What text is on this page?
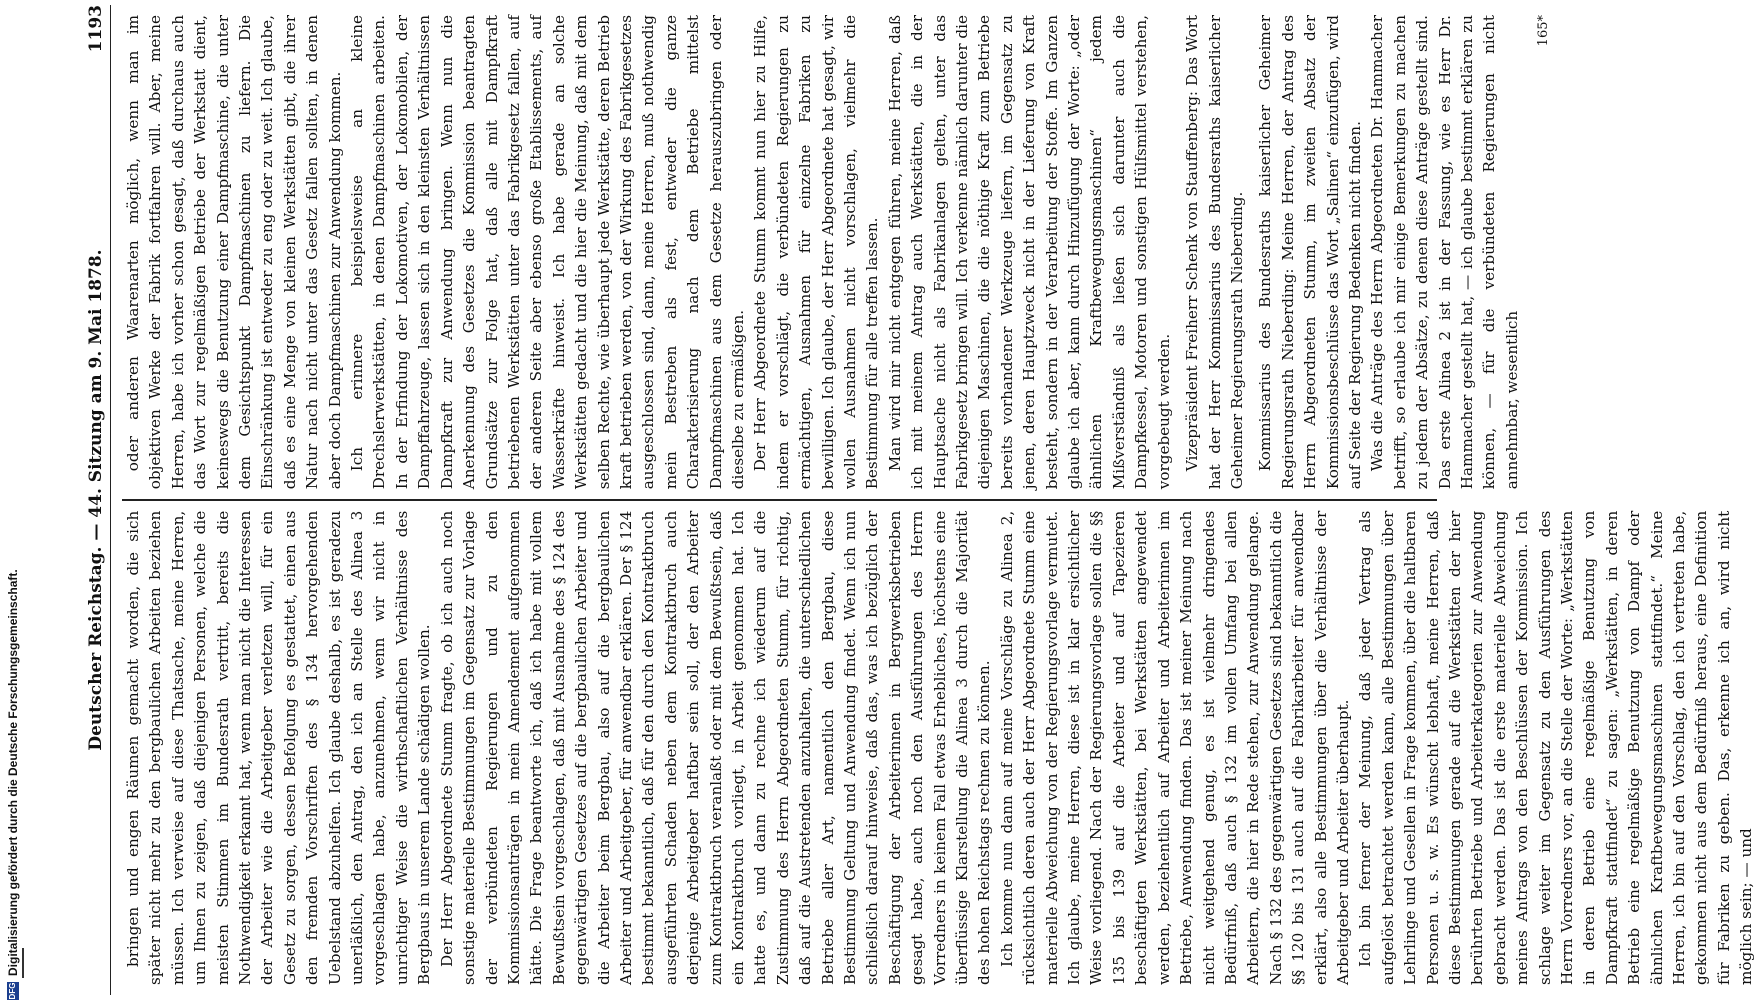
Deutscher Reichstag. — 44. Sitzung am 9. Mai 1878.
1193

bringen und engen Räumen gemacht worden, die sich später nicht mehr zu den bergbaulichen Arbeiten beziehen müssen. Ich verweise auf diese Thatsache, meine Herren, um Ihnen zu zeigen, daß diejenigen Personen, welche die meisten Stimmen im Bundesrath vertritt, bereits die Nothwendigkeit erkannt hat, wenn man nicht die Interessen der Arbeiter wie die Arbeitgeber verletzen will, für ein Gesetz zu sorgen, dessen Befolgung es gestattet, einen aus den fremden Vorschriften des § 134 hervorgehenden Uebelstand abzuhelfen. Ich glaube deshalb, es ist geradezu unerläßlich, den Antrag, den ich an Stelle des Alinea 3 vorgeschlagen habe, anzunehmen, wenn wir nicht in unrichtiger Weise die wirthschaftlichen Verhältnisse des Bergbaus in unserem Lande schädigen wollen. Der Herr Abgeordnete Stumm fragte, ob ich auch noch sonstige materielle Bestimmungen im Gegensatz zur Vorlage der verbündeten Regierungen und zu den Kommissionsanträgen in mein Amendement aufgenommen hätte. Die Frage beantworte ich, daß ich habe mit vollem Bewußtsein vorgeschlagen, daß mit Ausnahme des § 124 des gegenwärtigen Gesetzes auf die bergbaulichen Arbeiter und die Arbeiter beim Bergbau, also auf die bergbaulichen Arbeiter und Arbeitgeber, für anwendbar erklären. Der § 124 bestimmt bekanntlich, daß für den durch den Kontraktbruch ausgeführten Schaden neben dem Kontraktbruch auch derjenige Arbeitgeber haftbar sein soll, der den Arbeiter zum Kontraktbruch veranlaßt oder mit dem Bewußtsein, daß ein Kontraktbruch vorliegt, in Arbeit genommen hat. Ich hatte es, und dann zu rechne ich wiederum auf die Zustimmung des Herrn Abgeordneten Stumm, für richtig, daß auf die Austretenden anzuhalten, die unterschiedlichen Betriebe aller Art, namentlich den Bergbau, diese Bestimmung Geltung und Anwendung findet. Wenn ich nun schließlich darauf hinweise, daß das, was ich bezüglich der Beschäftigung der Arbeiterinnen in Bergwerksbetrieben gesagt habe, auch noch den Ausführungen des Herrn Vorredners in keinem Fall etwas Erhebliches, höchstens eine überflüssige Klarstellung die Alinea 3 durch die Majorität des hohen Reichstags rechnen zu können. Ich komme nun dann auf meine Vorschläge zu Alinea 2, rücksichtlich deren auch der Herr Abgeordnete Stumm eine materielle Abweichung von der Regierungsvorlage vermutet. Ich glaube, meine Herren, diese ist in klar ersichtlicher Weise vorliegend. Nach der Regierungsvorlage sollen die §§ 135 bis 139 auf die Arbeiter und auf Tapezieren beschäftigten Werkstätten, bei Werkstätten angewendet werden, beziehentlich auf Arbeiter und Arbeiterinnen im Betriebe, Anwendung finden. Das ist meiner Meinung nach nicht weitgehend genug, es ist vielmehr dringendes Bedürfniß, daß auch § 132 im vollen Umfang bei allen Arbeitern, die hier in Rede stehen, zur Anwendung gelange. Nach § 132 des gegenwärtigen Gesetzes sind bekanntlich die §§ 120 bis 131 auch auf die Fabrikarbeiter für anwendbar erklärt, also alle Bestimmungen über die Verhältnisse der Arbeitgeber und Arbeiter überhaupt. Ich bin ferner der Meinung, daß jeder Vertrag als aufgelöst betrachtet werden kann, alle Bestimmungen über Lehrlinge und Gesellen in Frage kommen, über die haltbaren Personen u. s. w. Es wünscht lebhaft, meine Herren, daß diese Bestimmungen gerade auf die Werkstätten der hier berührten Betriebe und Arbeiterkategorien zur Anwendung gebracht werden. Das ist die erste materielle Abweichung meines Antrags von den Beschlüssen der Kommission. Ich schlage weiter im Gegensatz zu den Ausführungen des Herrn Vorredners vor, an die Stelle der Worte: „Werkstätten in deren Betrieb eine regelmäßige Benutzung von Dampfkraft stattfindet“ zu sagen: „Werkstätten, in deren Betrieb eine regelmäßige Benutzung von Dampf oder ähnlichen Kraftbewegungsmaschinen stattfindet.“ Meine Herren, ich bin auf den Vorschlag, den ich vertreten habe, gekommen nicht aus dem Bedürfniß heraus, eine Definition für Fabriken zu geben. Das, erkenne ich an, wird nicht möglich sein; — und

oder anderen Waarenarten möglich, wenn man im objektiven Werke der Fabrik fortfahren will. Aber, meine Herren, habe ich vorher schon gesagt, daß durchaus auch das Wort zur regelmäßigen Betriebe der Werkstatt dient, keineswegs die Benutzung einer Dampfmaschine, die unter dem Gesichtspunkt Dampfmaschinen zu liefern. Die Einschränkung ist entweder zu eng oder zu weit. Ich glaube, daß es eine Menge von kleinen Werkstätten gibt, die ihrer Natur nach nicht unter das Gesetz fallen sollten, in denen aber doch Dampfmaschinen zur Anwendung kommen. Ich erinnere beispielsweise an kleine Drechslerwerkstätten, in denen Dampfmaschinen arbeiten. In der Erfindung der Lokomotiven, der Lokomobilen, der Dampffahrzeuge, lassen sich in den kleinsten Verhältnissen Dampfkraft zur Anwendung bringen. Wenn nun die Anerkennung des Gesetzes die Kommission beantragten Grundsätze zur Folge hat, daß alle mit Dampfkraft betriebenen Werkstätten unter das Fabrikgesetz fallen, auf der anderen Seite aber ebenso große Etablissements, auf Wasserkräfte hinweist. Ich habe gerade an solche Werkstätten gedacht und die hier die Meinung, daß mit dem selben Rechte, wie überhaupt jede Werkstätte, deren Betrieb kraft betrieben werden, von der Wirkung des Fabrikgesetzes ausgeschlossen sind, dann, meine Herren, muß nothwendig mein Bestreben als fest, entweder die ganze Charakterisierung nach dem Betriebe mittelst Dampfmaschinen aus dem Gesetze herauszubringen oder dieselbe zu ermäßigen. Der Herr Abgeordnete Stumm kommt nun hier zu Hilfe, indem er vorschlägt, die verbündeten Regierungen zu ermächtigen, Ausnahmen für einzelne Fabriken zu bewilligen. Ich glaube, der Herr Abgeordnete hat gesagt, wir wollen Ausnahmen nicht vorschlagen, vielmehr die Bestimmung für alle treffen lassen. Man wird mir nicht entgegen führen, meine Herren, daß ich mit meinem Antrag auch Werkstätten, die in der Hauptsache nicht als Fabrikanlagen gelten, unter das Fabrikgesetz bringen will. Ich verkenne nämlich darunter die diejenigen Maschinen, die die nöthige Kraft zum Betriebe bereits vorhandener Werkzeuge liefern, im Gegensatz zu jenen, deren Hauptzweck nicht in der Lieferung von Kraft besteht, sondern in der Verarbeitung der Stoffe. Im Ganzen glaube ich aber, kann durch Hinzufügung der Worte: „oder ähnlichen Kraftbewegungsmaschinen“ jedem Mißverständniß als ließen sich darunter auch die Dampfkessel, Motoren und sonstigen Hülfsmittel verstehen, vorgebeugt werden. Vizepräsident Freiherr Schenk von Stauffenberg: Das Wort hat der Herr Kommissarius des Bundesraths kaiserlicher Geheimer Regierungsrath Nieberding. Kommissarius des Bundesraths kaiserlicher Geheimer Regierungsrath Nieberding: Meine Herren, der Antrag des Herrn Abgeordneten Stumm, im zweiten Absatz der Kommissionsbeschlüsse das Wort „Salinen“ einzufügen, wird auf Seite der Regierung Bedenken nicht finden. Was die Anträge des Herrn Abgeordneten Dr. Hammacher betrifft, so erlaube ich mir einige Bemerkungen zu machen zu jedem der Absätze, zu denen diese Anträge gestellt sind. Das erste Alinea 2 ist in der Fassung, wie es Herr Dr. Hammacher gestellt hat, — ich glaube bestimmt erklären zu können, — für die verbündeten Regierungen nicht annehmbar, wesentlich

165*
DFG
Digitalisierung gefördert durch die Deutsche Forschungsgemeinschaft.
